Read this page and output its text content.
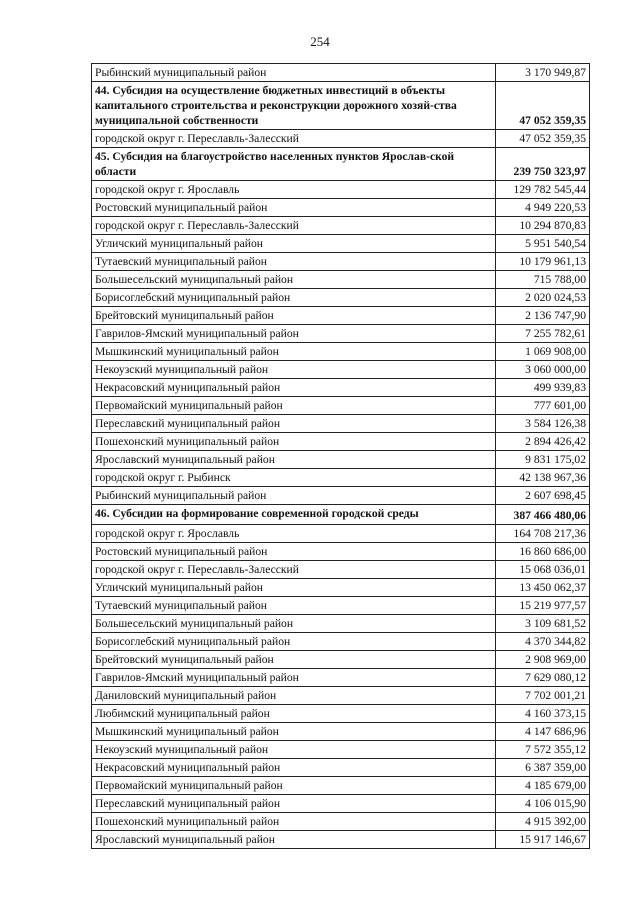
254
Рыбинский муниципальный район	3 170 949,87
44. Субсидия на осуществление бюджетных инвестиций в объекты капитального строительства и реконструкции дорожного хозяй-ства муниципальной собственности	47 052 359,35
городской округ г. Переславль-Залесский	47 052 359,35
45. Субсидия на благоустройство населенных пунктов Ярослав-ской области	239 750 323,97
городской округ г. Ярославль	129 782 545,44
Ростовский муниципальный район	4 949 220,53
городской округ г. Переславль-Залесский	10 294 870,83
Угличский муниципальный район	5 951 540,54
Тутаевский муниципальный район	10 179 961,13
Большесельский муниципальный район	715 788,00
Борисоглебский муниципальный район	2 020 024,53
Брейтовский муниципальный район	2 136 747,90
Гаврилов-Ямский муниципальный район	7 255 782,61
Мышкинский муниципальный район	1 069 908,00
Некоузский муниципальный район	3 060 000,00
Некрасовский муниципальный район	499 939,83
Первомайский муниципальный район	777 601,00
Переславский муниципальный район	3 584 126,38
Пошехонский муниципальный район	2 894 426,42
Ярославский муниципальный район	9 831 175,02
городской округ г. Рыбинск	42 138 967,36
Рыбинский муниципальный район	2 607 698,45
46. Субсидии на формирование современной городской среды	387 466 480,06
городской округ г. Ярославль	164 708 217,36
Ростовский муниципальный район	16 860 686,00
городской округ г. Переславль-Залесский	15 068 036,01
Угличский муниципальный район	13 450 062,37
Тутаевский муниципальный район	15 219 977,57
Большесельский муниципальный район	3 109 681,52
Борисоглебский муниципальный район	4 370 344,82
Брейтовский муниципальный район	2 908 969,00
Гаврилов-Ямский муниципальный район	7 629 080,12
Даниловский муниципальный район	7 702 001,21
Любимский муниципальный район	4 160 373,15
Мышкинский муниципальный район	4 147 686,96
Некоузский муниципальный район	7 572 355,12
Некрасовский муниципальный район	6 387 359,00
Первомайский муниципальный район	4 185 679,00
Переславский муниципальный район	4 106 015,90
Пошехонский муниципальный район	4 915 392,00
Ярославский муниципальный район	15 917 146,67
